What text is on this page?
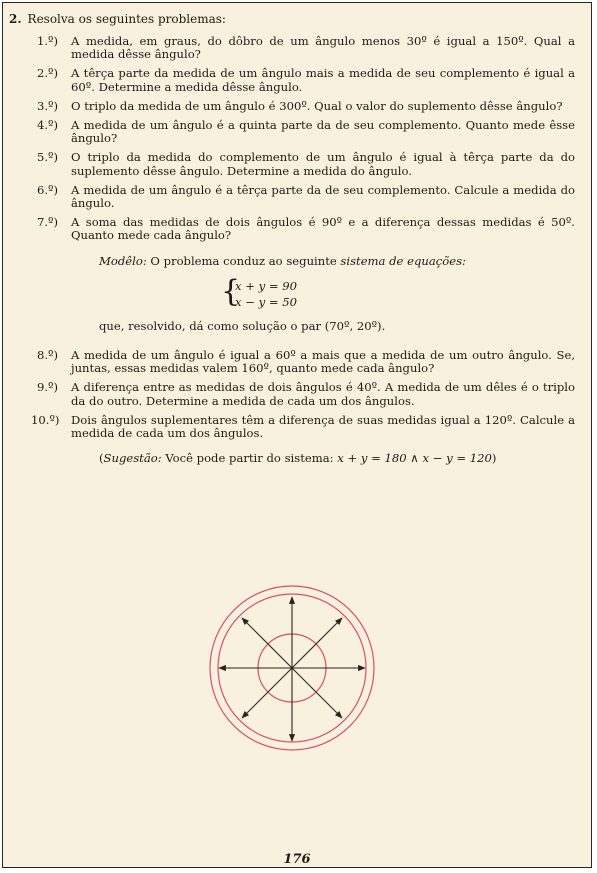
2. Resolva os seguintes problemas:
1.º)	A medida, em graus, do dôbro de um ângulo menos 30º é igual a 150º. Qual a medida dêsse ângulo?
2.º)	A têrça parte da medida de um ângulo mais a medida de seu complemento é igual a 60º. Determine a medida dêsse ângulo.
3.º)	O triplo da medida de um ângulo é 300º. Qual o valor do suplemento dêsse ângulo?
4.º)	A medida de um ângulo é a quinta parte da de seu complemento. Quanto mede êsse ângulo?
5.º)	O triplo da medida do complemento de um ângulo é igual à têrça parte da do suplemento dêsse ângulo. Determine a medida do ângulo.
6.º)	A medida de um ângulo é a têrça parte da de seu complemento. Calcule a medida do ângulo.
7.º)	A soma das medidas de dois ângulos é 90º e a diferença dessas medidas é 50º. Quanto mede cada ângulo?
Modêlo: O problema conduz ao seguinte sistema de equações:
{
x + y = 90
x − y = 50
que, resolvido, dá como solução o par (70º, 20º).
8.º)	A medida de um ângulo é igual a 60º a mais que a medida de um outro ângulo. Se, juntas, essas medidas valem 160º, quanto mede cada ângulo?
9.º)	A diferença entre as medidas de dois ângulos é 40º. A medida de um dêles é o triplo da do outro. Determine a medida de cada um dos ângulos.
10.º) Dois ângulos suplementares têm a diferença de suas medidas igual a 120º. Calcule a medida de cada um dos ângulos.
(Sugestão: Você pode partir do sistema: x + y = 180 ∧ x − y = 120)
176
